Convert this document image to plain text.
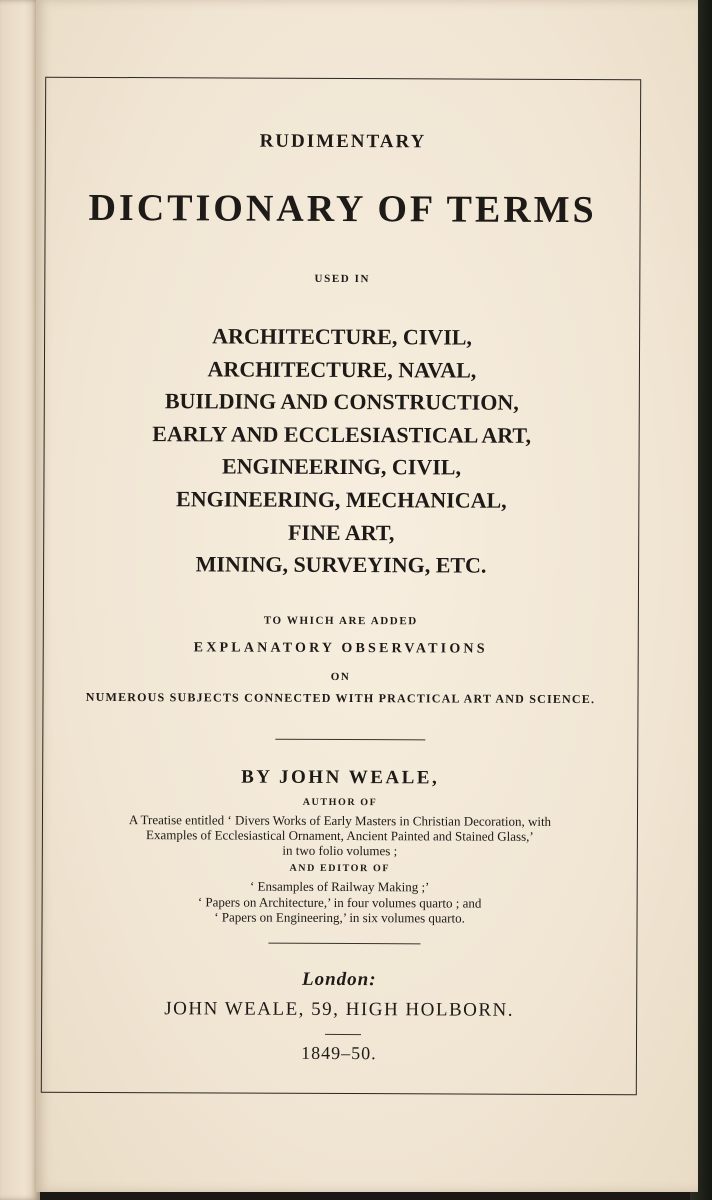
RUDIMENTARY
DICTIONARY OF TERMS
USED IN
ARCHITECTURE, CIVIL,
ARCHITECTURE, NAVAL,
BUILDING AND CONSTRUCTION,
EARLY AND ECCLESIASTICAL ART,
ENGINEERING, CIVIL,
ENGINEERING, MECHANICAL,
FINE ART,
MINING, SURVEYING, ETC.
TO WHICH ARE ADDED
EXPLANATORY OBSERVATIONS
ON
NUMEROUS SUBJECTS CONNECTED WITH PRACTICAL ART AND SCIENCE.
BY JOHN WEALE,
AUTHOR OF
A Treatise entitled ‘ Divers Works of Early Masters in Christian Decoration, with
Examples of Ecclesiastical Ornament, Ancient Painted and Stained Glass,’
in two folio volumes ;
AND EDITOR OF
‘ Ensamples of Railway Making ;’
‘ Papers on Architecture,’ in four volumes quarto ; and
‘ Papers on Engineering,’ in six volumes quarto.
London:
JOHN WEALE, 59, HIGH HOLBORN.
1849–50.
